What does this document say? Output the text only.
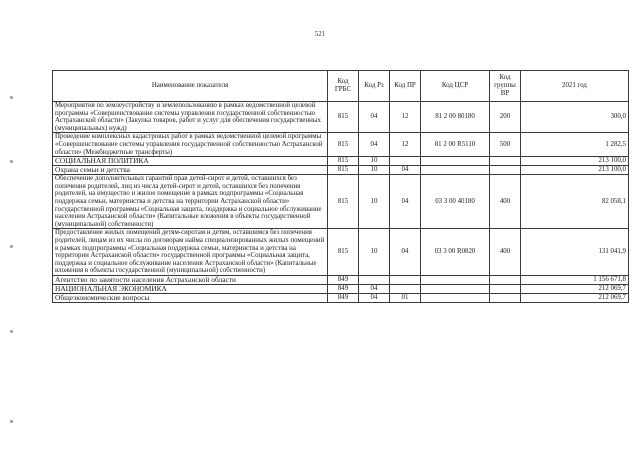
521
Наименование показателя	Код ГРБС	Код Рз	Код ПР	Код ЦСР	Код группы ВР	2021 год
Мероприятия по землеустройству и землепользованию в рамках ведомственной целевой программы «Совершенствование системы управления государственной собственностью Астраханской области» (Закупка товаров, работ и услуг для обеспечения государственных (муниципальных) нужд)	815	04	12	81 2 00 80180	200	300,0
Проведение комплексных кадастровых работ в рамках ведомственной целевой программы «Совершенствование системы управления государственной собственностью Астраханской области» (Межбюджетные трансферты)	815	04	12	81 2 00 R5110	500	1 282,5
СОЦИАЛЬНАЯ ПОЛИТИКА	815	10				213 100,0
Охрана семьи и детства	815	10	04			213 100,0
Обеспечение дополнительных гарантий прав детей-сирот и детей, оставшихся без попечения родителей, лиц из числа детей-сирот и детей, оставшихся без попечения родителей, на имущество и жилое помещение в рамках подпрограммы «Социальная поддержка семьи, материнства и детства на территории Астраханской области» государственной программы «Социальная защита, поддержка и социальное обслуживание населения Астраханской области» (Капитальные вложения в объекты государственной (муниципальной) собственности)	815	10	04	03 3 00 40180	400	82 058,1
Предоставление жилых помещений детям-сиротам и детям, оставшимся без попечения родителей, лицам из их числа по договорам найма специализированных жилых помещений в рамках подпрограммы «Социальная поддержка семьи, материнства и детства на территории Астраханской области» государственной программы «Социальная защита, поддержка и социальное обслуживание населения Астраханской области» (Капитальные вложения в объекты государственной (муниципальной) собственности)	815	10	04	03 3 00 R0820	400	131 041,9
Агентство по занятости населения Астраханской области	849					1 156 671,8
НАЦИОНАЛЬНАЯ ЭКОНОМИКА	849	04				212 069,7
Общеэкономические вопросы	849	04	01			212 069,7
